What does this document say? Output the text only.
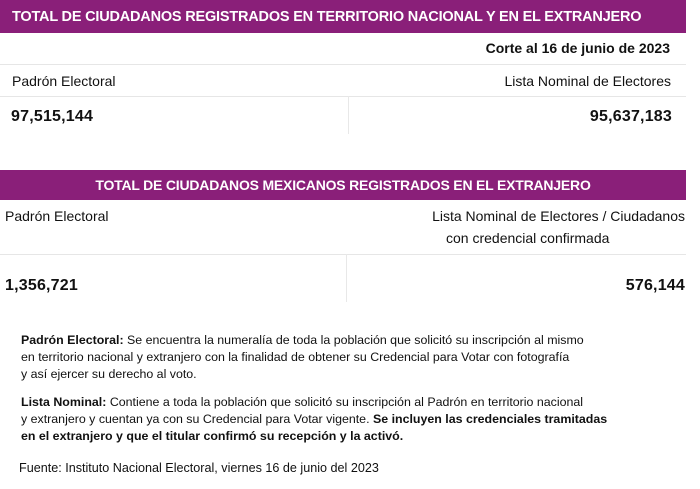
TOTAL DE CIUDADANOS REGISTRADOS EN TERRITORIO NACIONAL Y EN EL EXTRANJERO
Corte al 16 de junio de 2023
Padrón Electoral	Lista Nominal de Electores
97,515,144	95,637,183
TOTAL DE CIUDADANOS MEXICANOS REGISTRADOS EN EL EXTRANJERO
Padrón Electoral	Lista Nominal de Electores / Ciudadanos
con credencial confirmada
1,356,721	576,144
Padrón Electoral: Se encuentra la numeralía de toda la población que solicitó su inscripción al mismo
en territorio nacional y extranjero con la finalidad de obtener su Credencial para Votar con fotografía
y así ejercer su derecho al voto.
Lista Nominal: Contiene a toda la población que solicitó su inscripción al Padrón en territorio nacional
y extranjero y cuentan ya con su Credencial para Votar vigente. Se incluyen las credenciales tramitadas
en el extranjero y que el titular confirmó su recepción y la activó.
Fuente: Instituto Nacional Electoral, viernes 16 de junio del 2023
